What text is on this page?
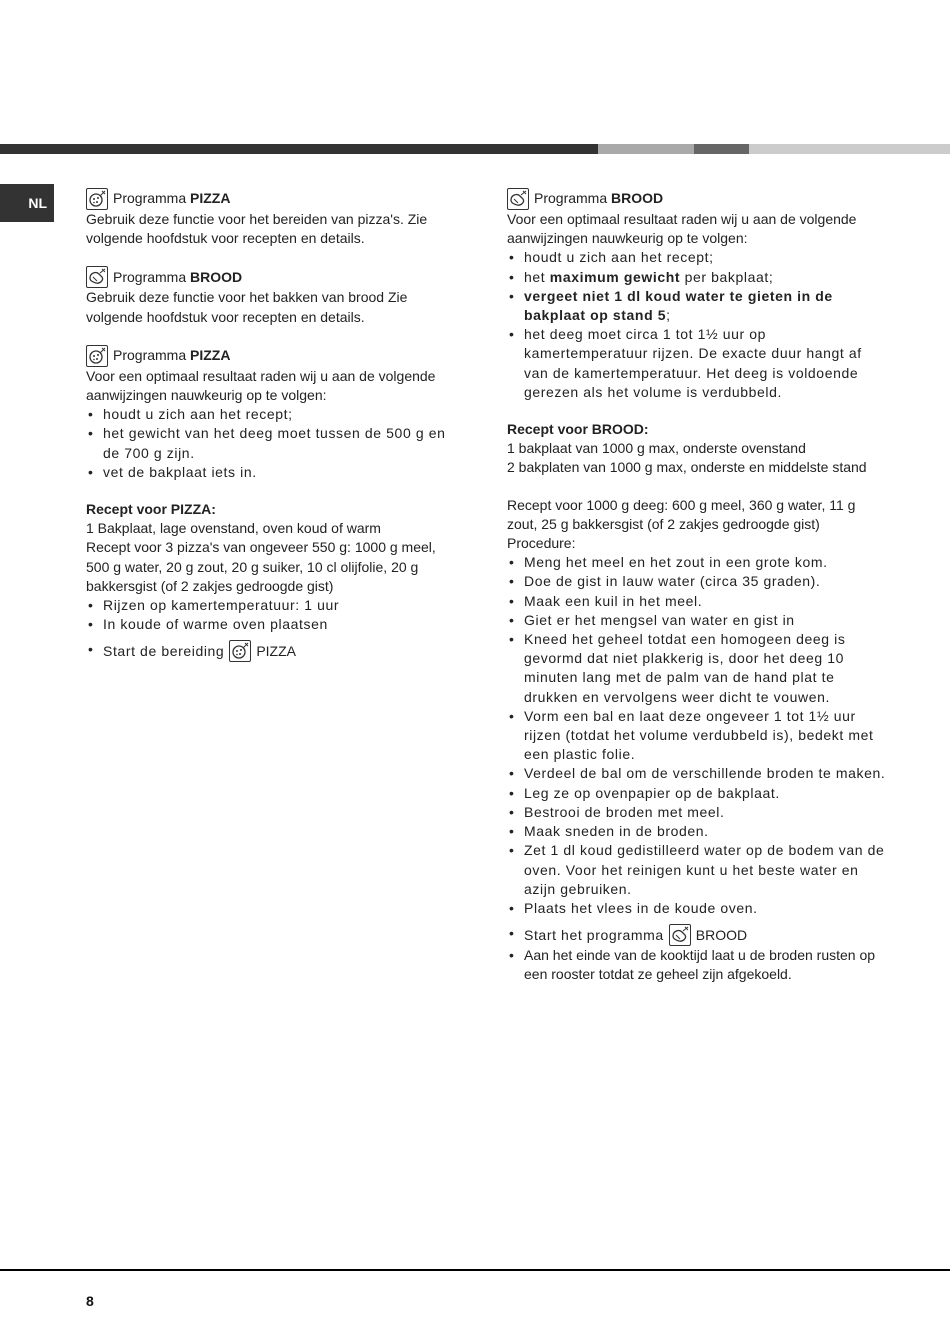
NL	Programma
PIZZA

Gebruik deze functie voor het bereiden van pizza's. Zie volgende hoofdstuk voor recepten en details.

Programma
BROOD

Gebruik deze functie voor het bakken van brood Zie volgende hoofdstuk voor recepten en details.

Programma
PIZZA

Voor een optimaal resultaat raden wij u aan de volgende aanwijzingen nauwkeurig op te volgen:

• houdt u zich aan het recept;
• het gewicht van het deeg moet tussen de 500 g en de 700 g zijn.
• vet de bakplaat iets in.

Recept voor PIZZA:

1 Bakplaat, lage ovenstand, oven koud of warm

Recept voor 3 pizza's van ongeveer 550 g: 1000 g meel, 500 g water, 20 g zout, 20 g suiker, 10 cl olijfolie, 20 g bakkersgist (of 2 zakjes gedroogde gist)

• Rijzen op kamertemperatuur: 1 uur
• In koude of warme oven plaatsen
• Start de bereiding PIZZA

Programma
BROOD

Voor een optimaal resultaat raden wij u aan de volgende aanwijzingen nauwkeurig op te volgen:

• houdt u zich aan het recept;
• het maximum gewicht per bakplaat;
• vergeet niet 1 dl koud water te gieten in de bakplaat op stand 5;
• het deeg moet circa 1 tot 1½ uur op kamertemperatuur rijzen. De exacte duur hangt af van de kamertemperatuur. Het deeg is voldoende gerezen als het volume is verdubbeld.

Recept voor BROOD:

1 bakplaat van 1000 g max, onderste ovenstand

2 bakplaten van 1000 g max, onderste en middelste stand

Recept voor 1000 g deeg: 600 g meel, 360 g water, 11 g zout, 25 g bakkersgist (of 2 zakjes gedroogde gist)

Procedure:

• Meng het meel en het zout in een grote kom.
• Doe de gist in lauw water (circa 35 graden).
• Maak een kuil in het meel.
• Giet er het mengsel van water en gist in
• Kneed het geheel totdat een homogeen deeg is gevormd dat niet plakkerig is, door het deeg 10 minuten lang met de palm van de hand plat te drukken en vervolgens weer dicht te vouwen.
• Vorm een bal en laat deze ongeveer 1 tot 1½ uur rijzen (totdat het volume verdubbeld is), bedekt met een plastic folie.
• Verdeel de bal om de verschillende broden te maken.
• Leg ze op ovenpapier op de bakplaat.
• Bestrooi de broden met meel.
• Maak sneden in de broden.
• Zet 1 dl koud gedistilleerd water op de bodem van de oven. Voor het reinigen kunt u het beste water en azijn gebruiken.
• Plaats het vlees in de koude oven.
• Start het programma BROOD
• Aan het einde van de kooktijd laat u de broden rusten op een rooster totdat ze geheel zijn afgekoeld.
8
